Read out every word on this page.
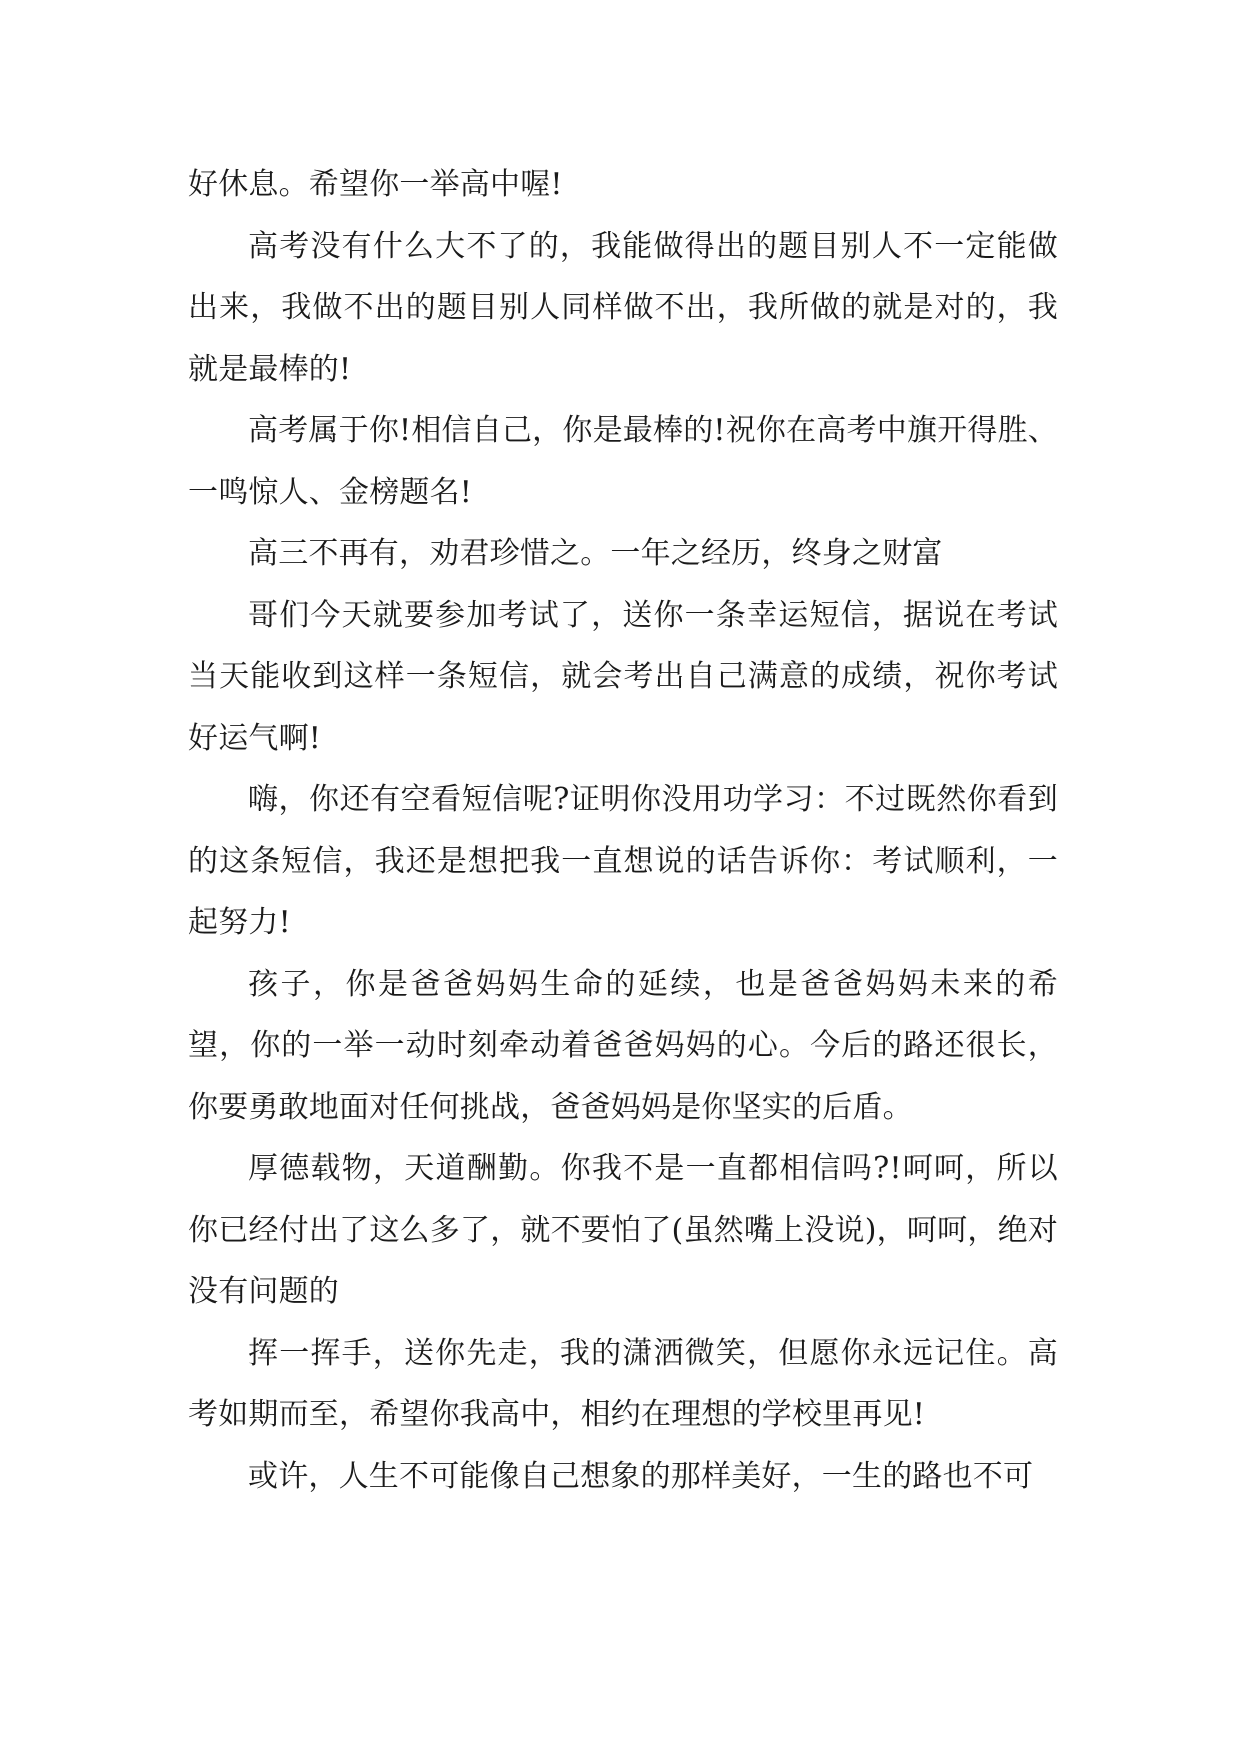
好休息。希望你一举高中喔!

高考没有什么大不了的，我能做得出的题目别人不一定能做出来，我做不出的题目别人同样做不出，我所做的就是对的，我就是最棒的!

高考属于你!相信自己，你是最棒的!祝你在高考中旗开得胜、一鸣惊人、金榜题名!

高三不再有，劝君珍惜之。一年之经历，终身之财富

哥们今天就要参加考试了，送你一条幸运短信，据说在考试当天能收到这样一条短信，就会考出自己满意的成绩，祝你考试好运气啊!

嗨，你还有空看短信呢?证明你没用功学习：不过既然你看到的这条短信，我还是想把我一直想说的话告诉你：考试顺利，一起努力!

孩子，你是爸爸妈妈生命的延续，也是爸爸妈妈未来的希望，你的一举一动时刻牵动着爸爸妈妈的心。今后的路还很长，你要勇敢地面对任何挑战，爸爸妈妈是你坚实的后盾。

厚德载物，天道酬勤。你我不是一直都相信吗?!呵呵，所以你已经付出了这么多了，就不要怕了(虽然嘴上没说)，呵呵，绝对没有问题的

挥一挥手，送你先走，我的潇洒微笑，但愿你永远记住。高考如期而至，希望你我高中，相约在理想的学校里再见!

或许，人生不可能像自己想象的那样美好，一生的路也不可
